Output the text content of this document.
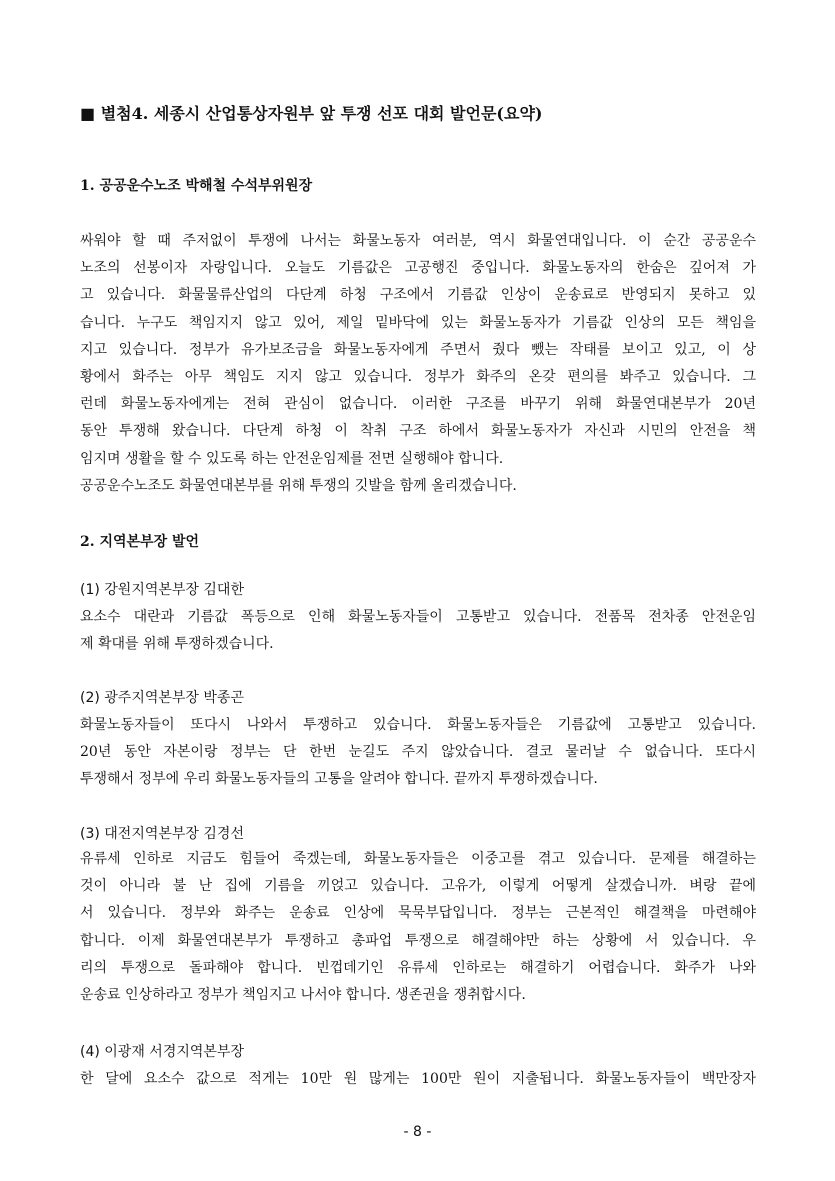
■ 별첨4. 세종시 산업통상자원부 앞 투쟁 선포 대회 발언문(요약)
1. 공공운수노조 박해철 수석부위원장
싸워야 할 때 주저없이 투쟁에 나서는 화물노동자 여러분, 역시 화물연대입니다. 이 순간 공공운수
노조의 선봉이자 자랑입니다. 오늘도 기름값은 고공행진 중입니다. 화물노동자의 한숨은 깊어져 가
고 있습니다. 화물물류산업의 다단계 하청 구조에서 기름값 인상이 운송료로 반영되지 못하고 있
습니다. 누구도 책임지지 않고 있어, 제일 밑바닥에 있는 화물노동자가 기름값 인상의 모든 책임을
지고 있습니다. 정부가 유가보조금을 화물노동자에게 주면서 줬다 뺐는 작태를 보이고 있고, 이 상
황에서 화주는 아무 책임도 지지 않고 있습니다. 정부가 화주의 온갖 편의를 봐주고 있습니다. 그
런데 화물노동자에게는 전혀 관심이 없습니다. 이러한 구조를 바꾸기 위해 화물연대본부가 20년
동안 투쟁해 왔습니다. 다단계 하청 이 착취 구조 하에서 화물노동자가 자신과 시민의 안전을 책
임지며 생활을 할 수 있도록 하는 안전운임제를 전면 실행해야 합니다.
공공운수노조도 화물연대본부를 위해 투쟁의 깃발을 함께 올리겠습니다.
2. 지역본부장 발언
(1) 강원지역본부장 김대한
요소수 대란과 기름값 폭등으로 인해 화물노동자들이 고통받고 있습니다. 전품목 전차종 안전운임
제 확대를 위해 투쟁하겠습니다.
(2) 광주지역본부장 박종곤
화물노동자들이 또다시 나와서 투쟁하고 있습니다. 화물노동자들은 기름값에 고통받고 있습니다.
20년 동안 자본이랑 정부는 단 한번 눈길도 주지 않았습니다. 결코 물러날 수 없습니다. 또다시
투쟁해서 정부에 우리 화물노동자들의 고통을 알려야 합니다. 끝까지 투쟁하겠습니다.
(3) 대전지역본부장 김경선
유류세 인하로 지금도 힘들어 죽겠는데, 화물노동자들은 이중고를 겪고 있습니다. 문제를 해결하는
것이 아니라 불 난 집에 기름을 끼얹고 있습니다. 고유가, 이렇게 어떻게 살겠습니까. 벼랑 끝에
서 있습니다. 정부와 화주는 운송료 인상에 묵묵부답입니다. 정부는 근본적인 해결책을 마련해야
합니다. 이제 화물연대본부가 투쟁하고 총파업 투쟁으로 해결해야만 하는 상황에 서 있습니다. 우
리의 투쟁으로 돌파해야 합니다. 빈껍데기인 유류세 인하로는 해결하기 어렵습니다. 화주가 나와
운송료 인상하라고 정부가 책임지고 나서야 합니다. 생존권을 쟁취합시다.
(4) 이광재 서경지역본부장
한 달에 요소수 값으로 적게는 10만 원 많게는 100만 원이 지출됩니다. 화물노동자들이 백만장자
- 8 -
